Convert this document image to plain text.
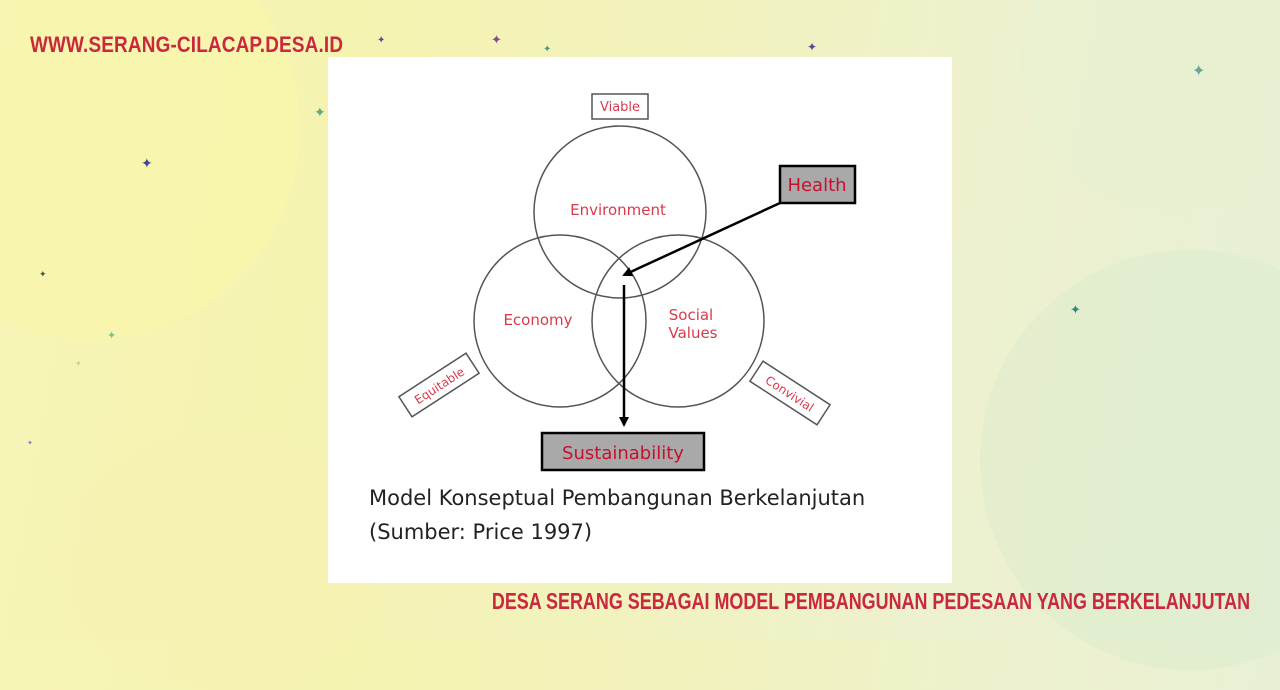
✦	✦
✦	✦
✦
✦
✦
✦
✦
✦
✦
✦
WWW.SERANG-CILACAP.DESA.ID
Viable
Environment
Economy	Social
Values
Health
Equitable	Convivial
Sustainability
Model Konseptual Pembangunan Berkelanjutan
(Sumber: Price 1997)
DESA SERANG SEBAGAI MODEL PEMBANGUNAN PEDESAAN YANG BERKELANJUTAN
